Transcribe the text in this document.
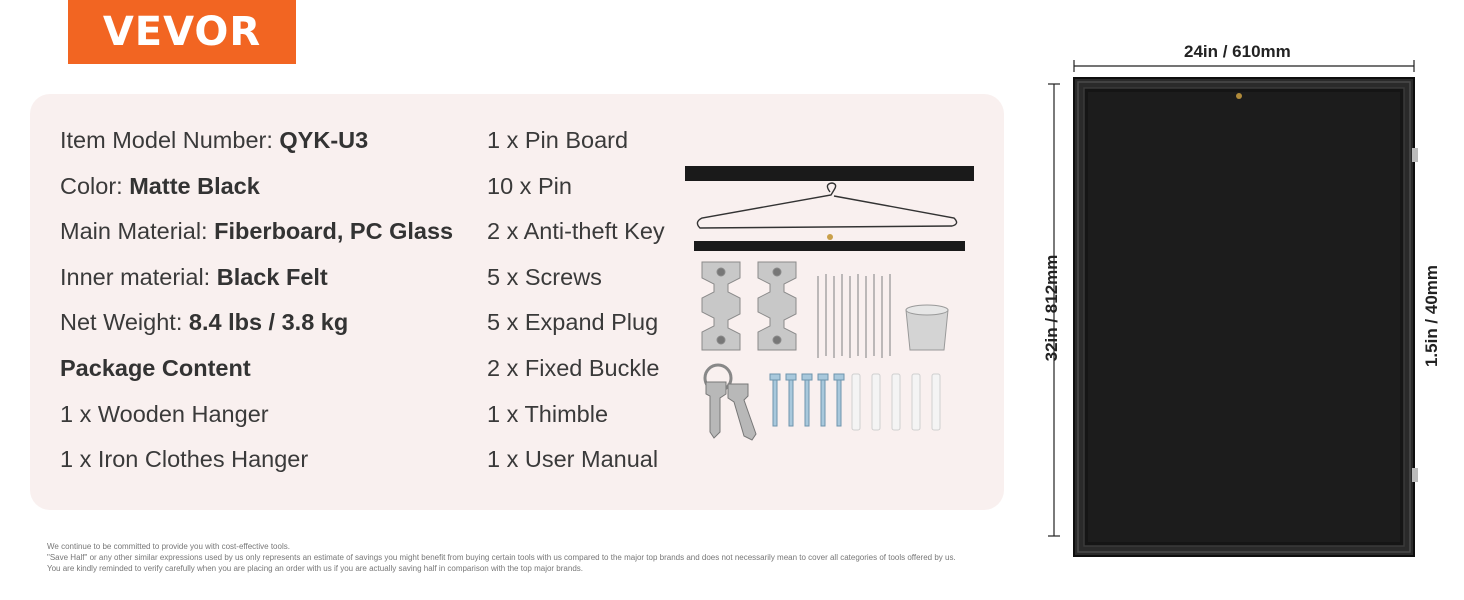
VEVOR
Item Model Number: QYK-U3
Color: Matte Black
Main Material: Fiberboard, PC Glass
Inner material: Black Felt
Net Weight: 8.4 lbs / 3.8 kg
Package Content
1 x Wooden Hanger
1 x Iron Clothes Hanger
1 x Pin Board
10 x Pin
2 x Anti-theft Key
5 x Screws
5 x Expand Plug
2 x Fixed Buckle
1 x Thimble
1 x User Manual
24in / 610mm
32in / 812mm	1.5in / 40mm
We continue to be committed to provide you with cost-effective tools.
"Save Half" or any other similar expressions used by us only represents an estimate of savings you might benefit from buying certain tools with us compared to the major top brands and does not necessarily mean to cover all categories of tools offered by us.
You are kindly reminded to verify carefully when you are placing an order with us if you are actually saving half in comparison with the top major brands.
